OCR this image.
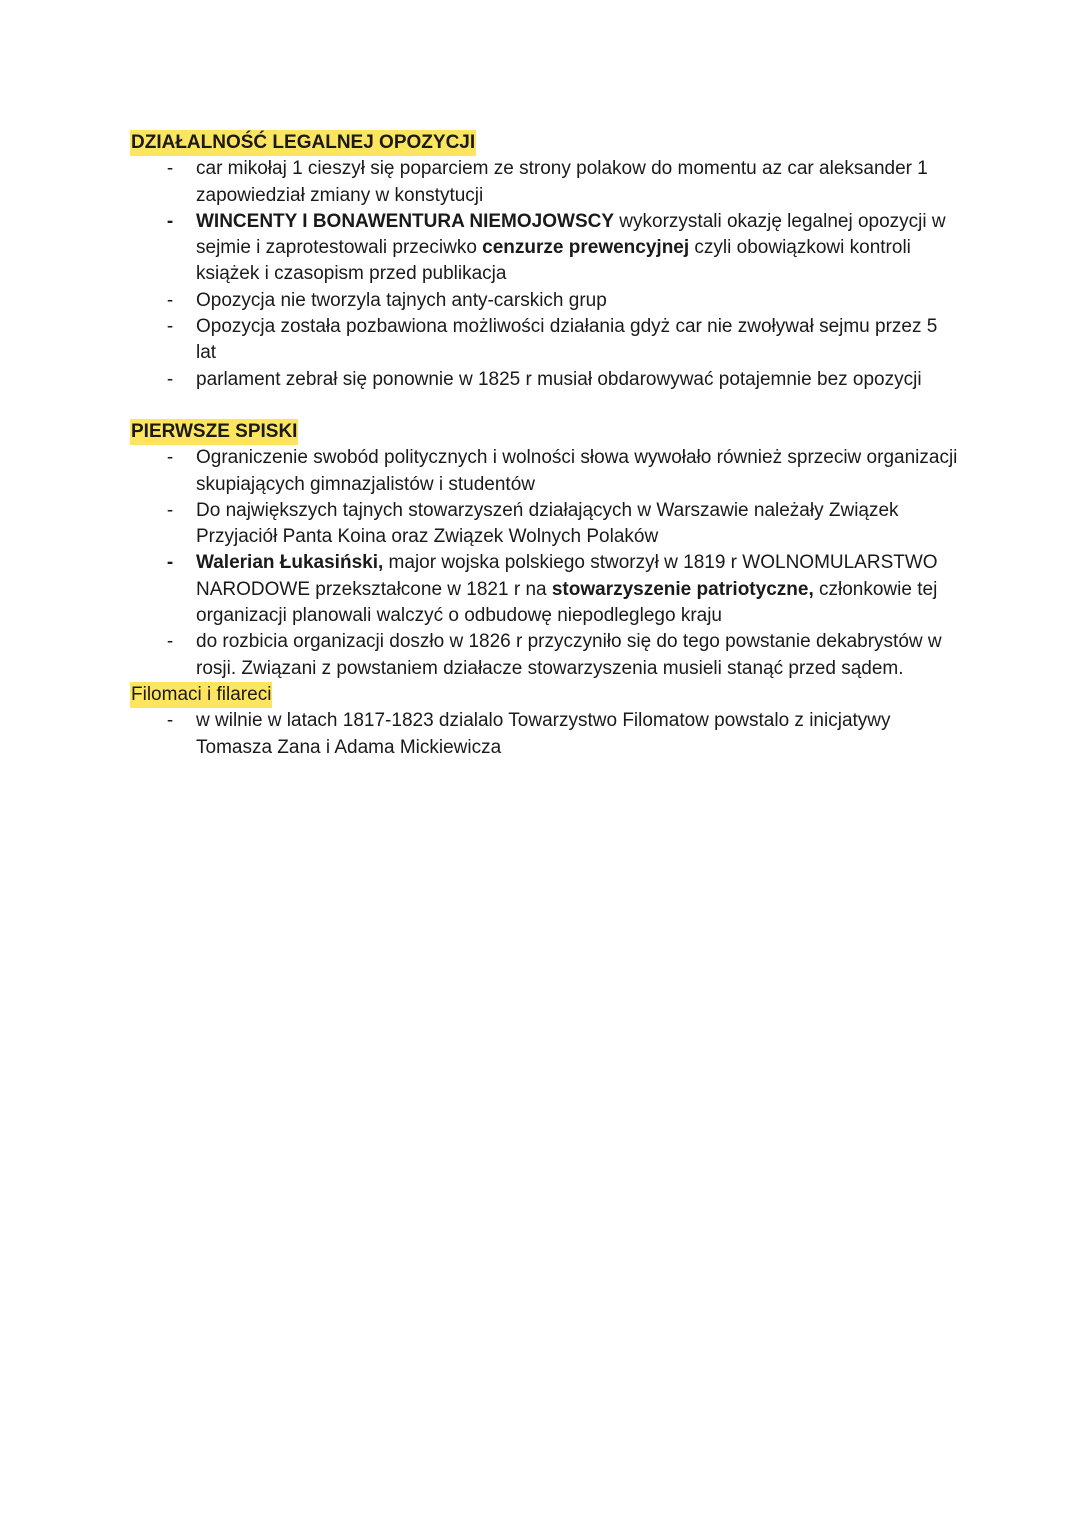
DZIAŁALNOŚĆ LEGALNEJ OPOZYCJI
- car mikołaj 1 cieszył się poparciem ze strony polakow do momentu az car aleksander 1 zapowiedział zmiany w konstytucji
- WINCENTY I BONAWENTURA NIEMOJOWSCY wykorzystali okazję legalnej opozycji w sejmie i zaprotestowali przeciwko cenzurze prewencyjnej czyli obowiązkowi kontroli książek i czasopism przed publikacja
- Opozycja nie tworzyla tajnych anty-carskich grup
- Opozycja została pozbawiona możliwości działania gdyż car nie zwoływał sejmu przez 5 lat
- parlament zebrał się ponownie w 1825 r musiał obdarowywać potajemnie bez opozycji
PIERWSZE SPISKI
- Ograniczenie swobód politycznych i wolności słowa wywołało również sprzeciw organizacji skupiających gimnazjalistów i studentów
- Do największych tajnych stowarzyszeń działających w Warszawie należały Związek Przyjaciół Panta Koina oraz Związek Wolnych Polaków
- Walerian Łukasiński, major wojska polskiego stworzył w 1819 r WOLNOMULARSTWO NARODOWE przekształcone w 1821 r na stowarzyszenie patriotyczne, członkowie tej organizacji planowali walczyć o odbudowę niepodleglego kraju
- do rozbicia organizacji doszło w 1826 r przyczyniło się do tego powstanie dekabrystów w rosji. Związani z powstaniem działacze stowarzyszenia musieli stanąć przed sądem.
Filomaci i filareci
- w wilnie w latach 1817-1823 dzialalo Towarzystwo Filomatow powstalo z inicjatywy Tomasza Zana i Adama Mickiewicza
